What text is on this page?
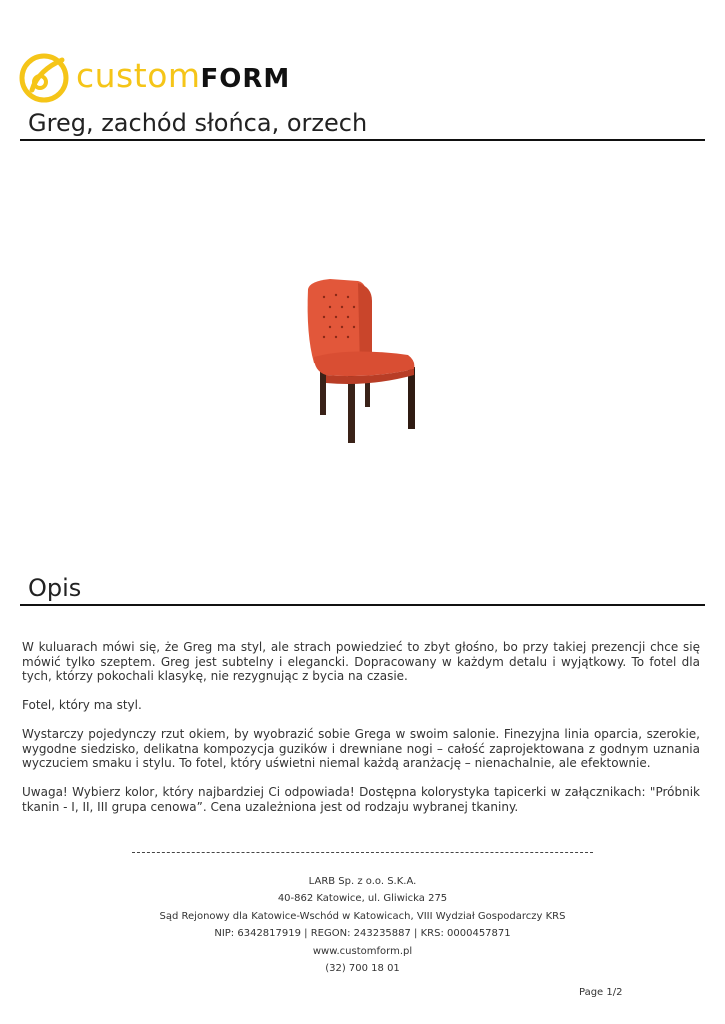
customFORM
Greg, zachód słońca, orzech
Opis

W kuluarach mówi się, że Greg ma styl, ale strach powiedzieć to zbyt głośno, bo przy takiej prezencji chce się mówić tylko szeptem. Greg jest subtelny i elegancki. Dopracowany w każdym detalu i wyjątkowy. To fotel dla tych, którzy pokochali klasykę, nie rezygnując z bycia na czasie.

Fotel, który ma styl.

Wystarczy pojedynczy rzut okiem, by wyobrazić sobie Grega w swoim salonie. Finezyjna linia oparcia, szerokie, wygodne siedzisko, delikatna kompozycja guzików i drewniane nogi – całość zaprojektowana z godnym uznania wyczuciem smaku i stylu. To fotel, który uświetni niemal każdą aranżację – nienachalnie, ale efektownie.

Uwaga! Wybierz kolor, który najbardziej Ci odpowiada! Dostępna kolorystyka tapicerki w załącznikach: "Próbnik tkanin - I, II, III grupa cenowa”. Cena uzależniona jest od rodzaju wybranej tkaniny.

LARB Sp. z o.o. S.K.A.
40-862 Katowice, ul. Gliwicka 275
Sąd Rejonowy dla Katowice-Wschód w Katowicach, VIII Wydział Gospodarczy KRS
NIP: 6342817919 | REGON: 243235887 | KRS: 0000457871
www.customform.pl
(32) 700 18 01
Page 1/2
